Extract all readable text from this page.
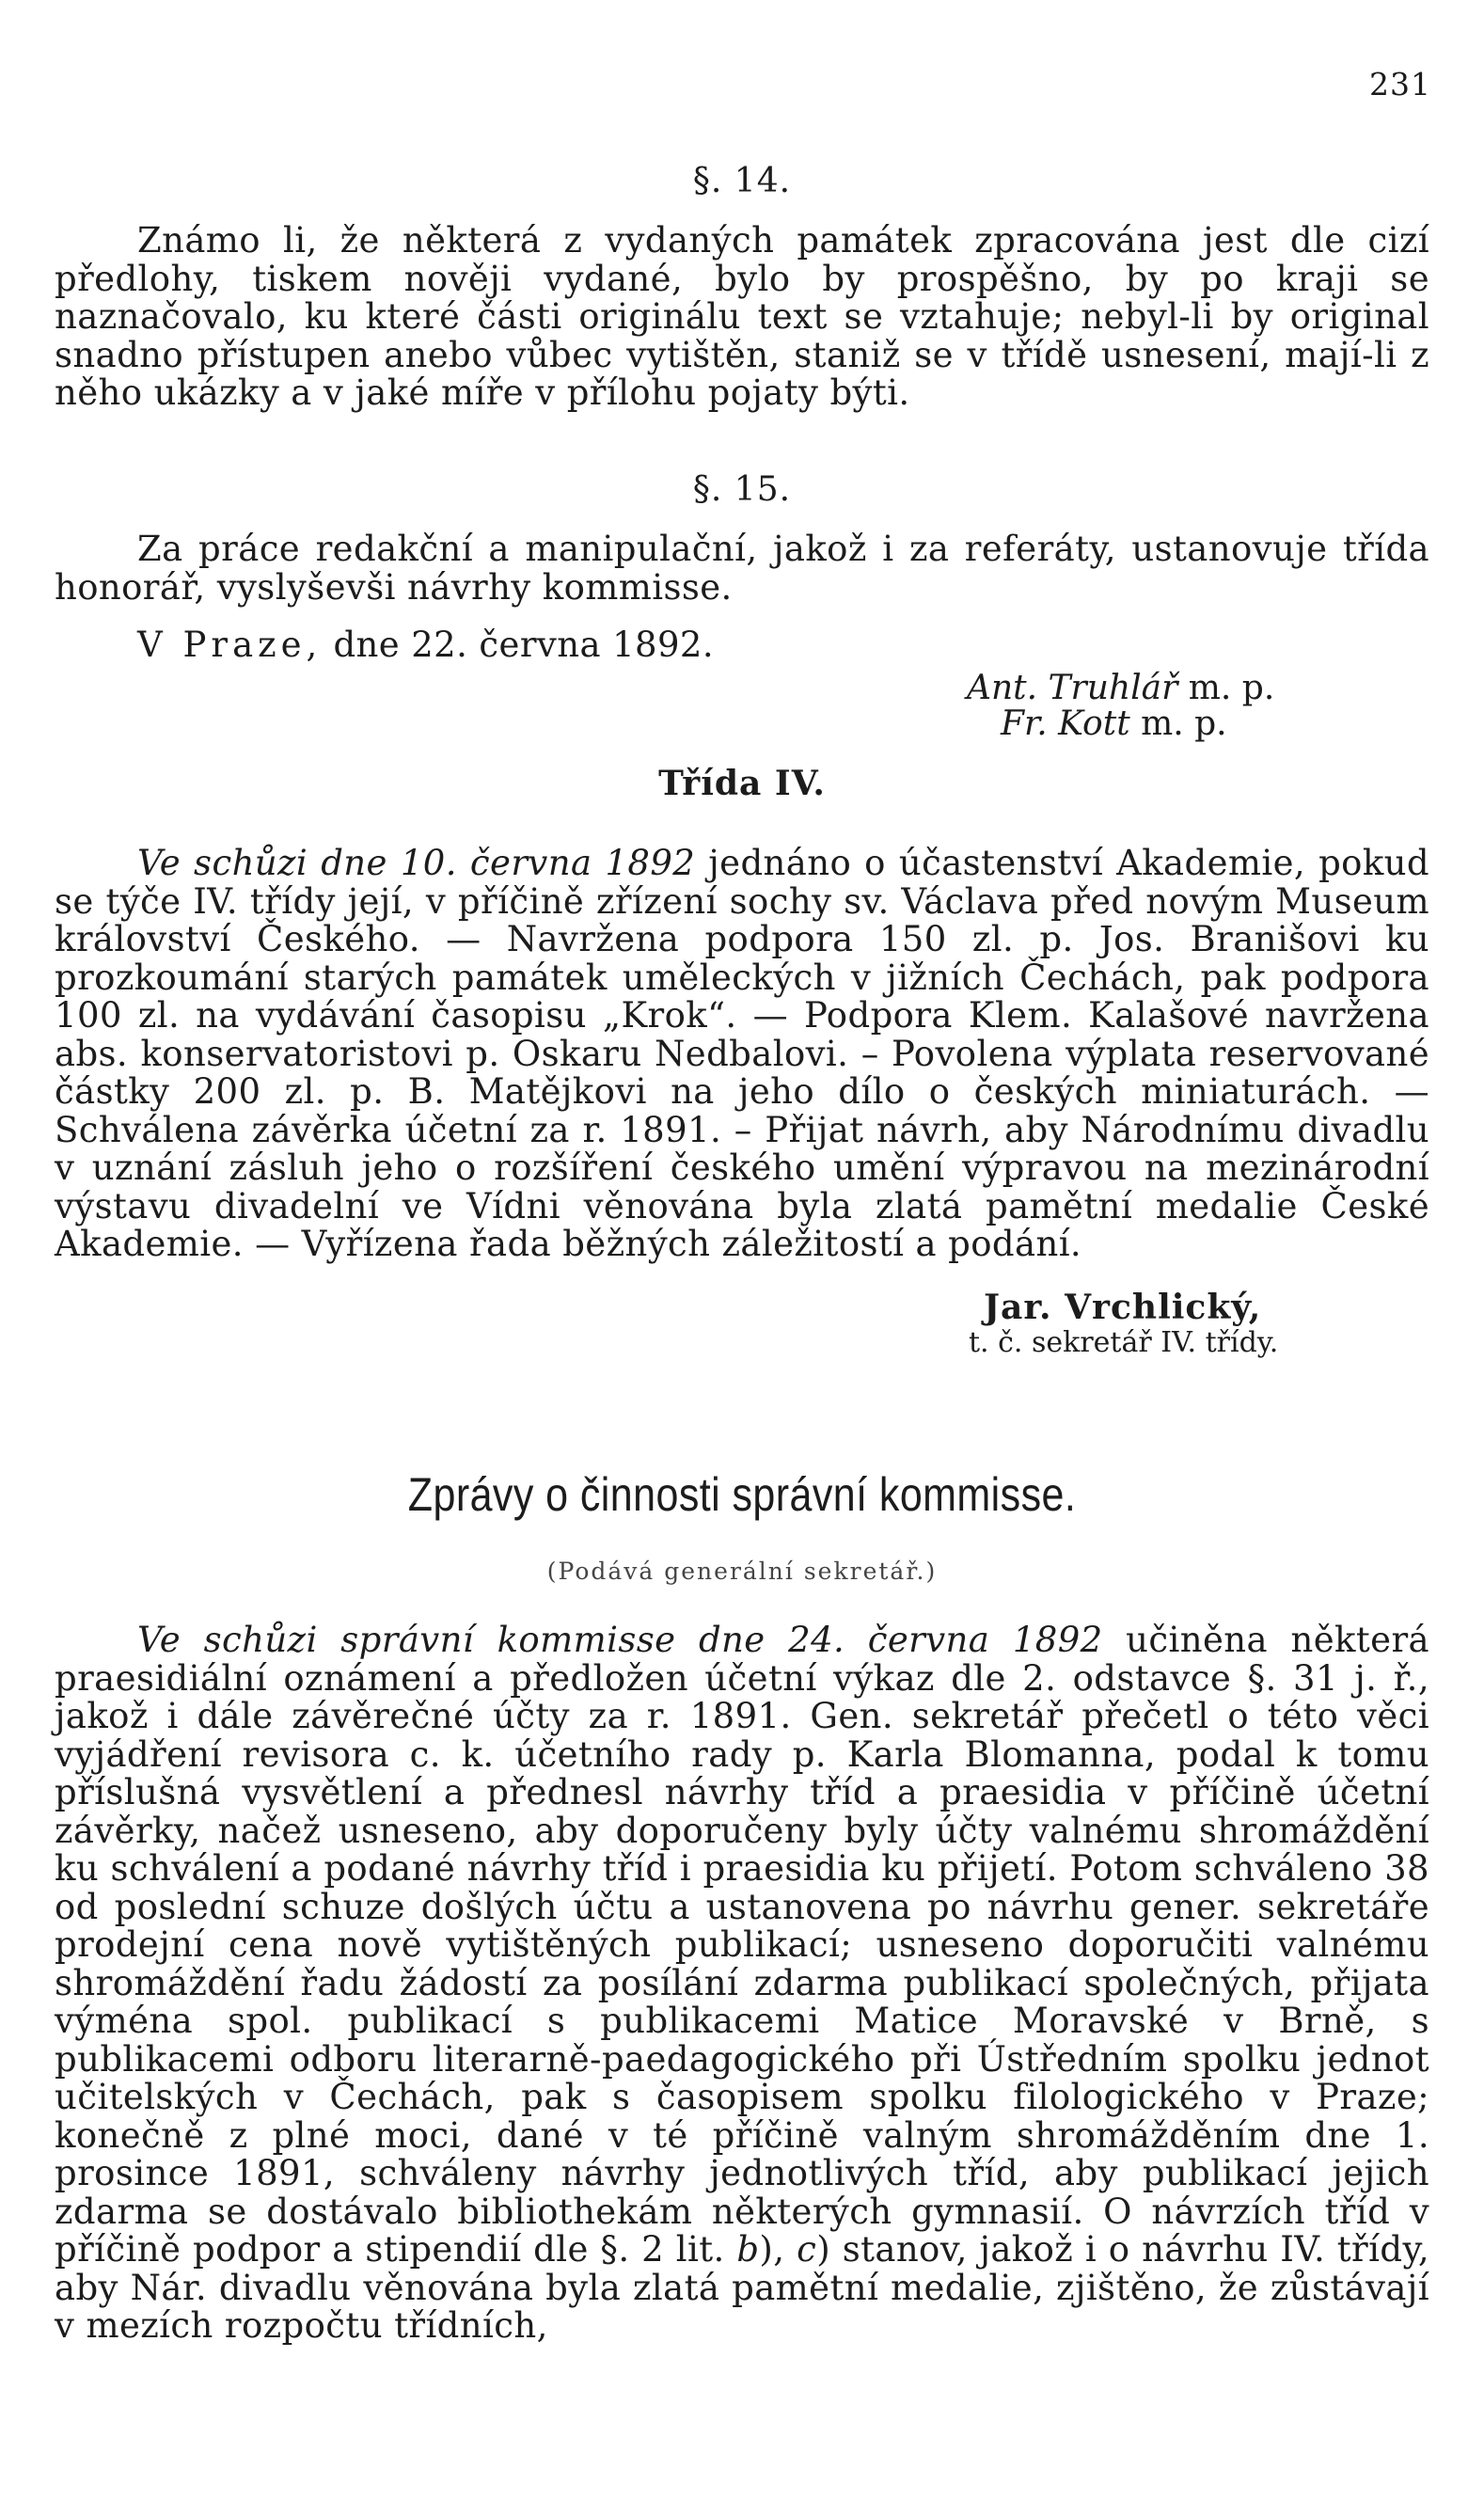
231
§. 14.

Známo li, že některá z vydaných památek zpracována jest dle cizí předlohy, tiskem nověji vydané, bylo by prospěšno, by po kraji se naznačovalo, ku které části originálu text se vztahuje; nebyl-li by original snadno přístupen anebo vůbec vytištěn, staniž se v třídě usnesení, mají-li z něho ukázky a v jaké míře v přílohu pojaty býti.

§. 15.

Za práce redakční a manipulační, jakož i za referáty, ustanovuje třída honorář, vyslyševši návrhy kommisse.

V Praze, dne 22. června 1892.

Ant. Truhlář m. p.
Fr. Kott m. p.
Třída IV.

Ve schůzi dne 10. června 1892 jednáno o účastenství Akademie, pokud se týče IV. třídy její, v příčině zřízení sochy sv. Václava před novým Museum království Českého. — Navržena podpora 150 zl. p. Jos. Branišovi ku prozkoumání starých památek uměleckých v jižních Čechách, pak podpora 100 zl. na vydávání časopisu „Krok“. — Podpora Klem. Kalašové navržena abs. konservatoristovi p. Oskaru Nedbalovi. – Povolena výplata reservované částky 200 zl. p. B. Matějkovi na jeho dílo o českých miniaturách. — Schválena závěrka účetní za r. 1891. – Přijat návrh, aby Národnímu divadlu v uznání zásluh jeho o rozšíření českého umění výpravou na mezinárodní výstavu divadelní ve Vídni věnována byla zlatá pamětní medalie České Akademie. — Vyřízena řada běžných záležitostí a podání.

Jar. Vrchlický,
t. č. sekretář IV. třídy.
Zprávy o činnosti správní kommisse.
(Podává generální sekretář.)

Ve schůzi správní kommisse dne 24. června 1892 učiněna některá praesidiální oznámení a předložen účetní výkaz dle 2. odstavce §. 31 j. ř., jakož i dále závěrečné účty za r. 1891. Gen. sekretář přečetl o této věci vyjádření revisora c. k. účetního rady p. Karla Blomanna, podal k tomu příslušná vysvětlení a přednesl návrhy tříd a praesidia v příčině účetní závěrky, načež usneseno, aby doporučeny byly účty valnému shromáždění ku schválení a podané návrhy tříd i praesidia ku přijetí. Potom schváleno 38 od poslední schuze došlých účtu a ustanovena po návrhu gener. sekretáře prodejní cena nově vytištěných publikací; usneseno doporučiti valnému shromáždění řadu žádostí za posílání zdarma publikací společných, přijata výména spol. publikací s publikacemi Matice Moravské v Brně, s publikacemi odboru literarně-paedagogického při Ústředním spolku jednot učitelských v Čechách, pak s časopisem spolku filologického v Praze; konečně z plné moci, dané v té příčině valným shromážděním dne 1. prosince 1891, schváleny návrhy jednotlivých tříd, aby publikací jejich zdarma se dostávalo bibliothekám některých gymnasií. O návrzích tříd v příčině podpor a stipendií dle §. 2 lit. b), c) stanov, jakož i o návrhu IV. třídy, aby Nár. divadlu věnována byla zlatá pamětní medalie, zjištěno, že zůstávají v mezích rozpočtu třídních,
